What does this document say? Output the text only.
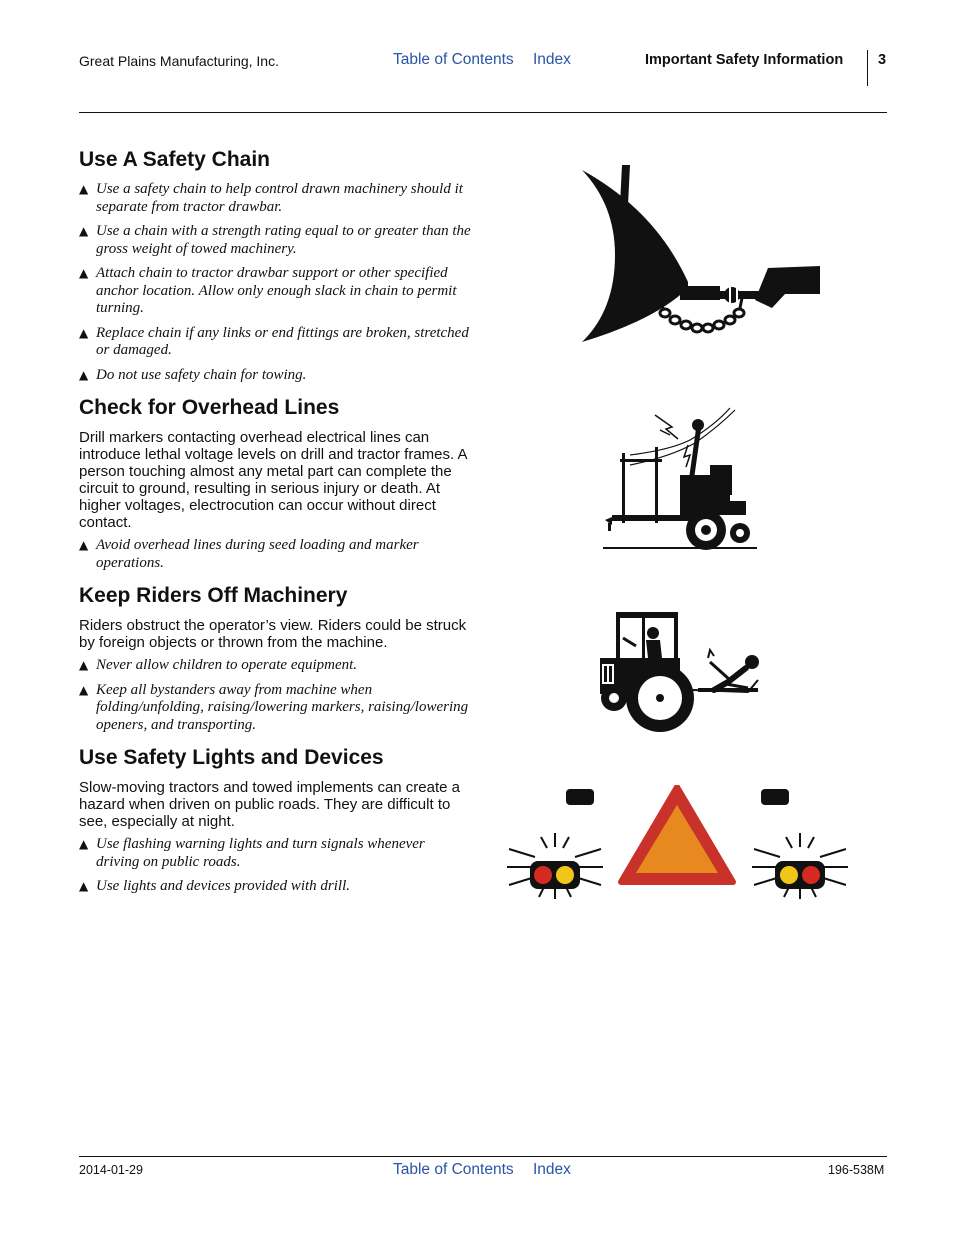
Great Plains Manufacturing, Inc.	Table of Contents Index	Important Safety Information 3
Use A Safety Chain
▲ Use a safety chain to help control drawn machinery should it separate from tractor drawbar.
▲ Use a chain with a strength rating equal to or greater than the gross weight of towed machinery.
▲ Attach chain to tractor drawbar support or other specified anchor location. Allow only enough slack in chain to permit turning.
▲ Replace chain if any links or end fittings are broken, stretched or damaged.
▲ Do not use safety chain for towing.
Check for Overhead Lines

Drill markers contacting overhead electrical lines can introduce lethal voltage levels on drill and tractor frames. A person touching almost any metal part can complete the circuit to ground, resulting in serious injury or death. At higher voltages, electrocution can occur without direct contact.

▲ Avoid overhead lines during seed loading and marker operations.
Keep Riders Off Machinery

Riders obstruct the operator’s view. Riders could be struck by foreign objects or thrown from the machine.

▲ Never allow children to operate equipment.
▲ Keep all bystanders away from machine when folding/unfolding, raising/lowering markers, raising/lowering openers, and transporting.
Use Safety Lights and Devices

Slow-moving tractors and towed implements can create a hazard when driven on public roads. They are difficult to see, especially at night.

▲ Use flashing warning lights and turn signals whenever driving on public roads.
▲ Use lights and devices provided with drill.
2014-01-29	Table of Contents Index	196-538M
